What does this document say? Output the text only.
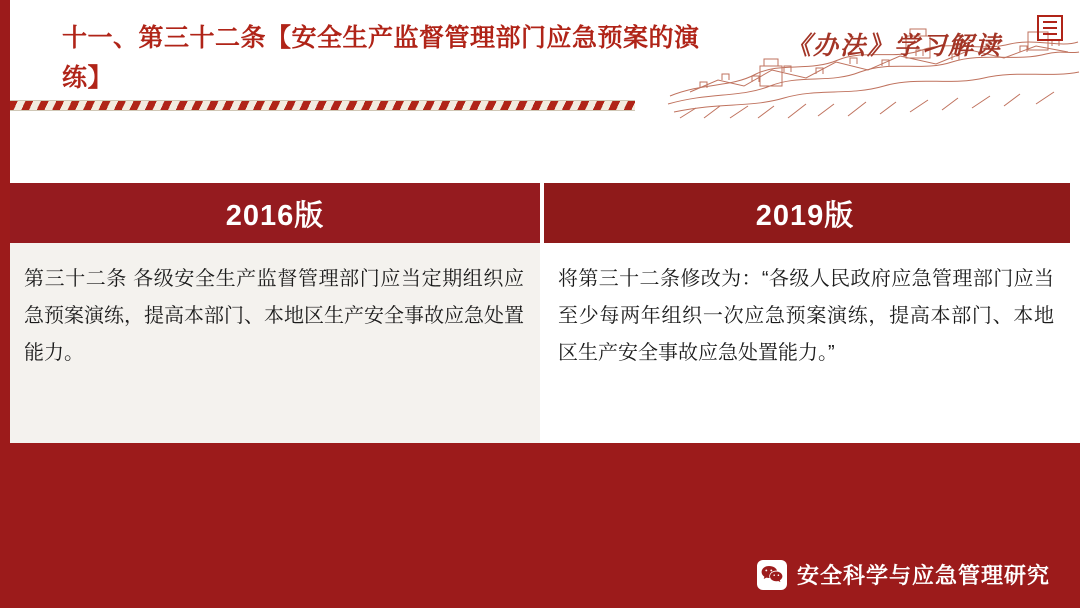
十一、第三十二条【安全生产监督管理部门应急预案的演练】
《办法》学习解读
2016版
第三十二条 各级安全生产监督管理部门应当定期组织应急预案演练，提高本部门、本地区生产安全事故应急处置能力。
2019版
将第三十二条修改为：“各级人民政府应急管理部门应当至少每两年组织一次应急预案演练，提高本部门、本地区生产安全事故应急处置能力。”
安全科学与应急管理研究
